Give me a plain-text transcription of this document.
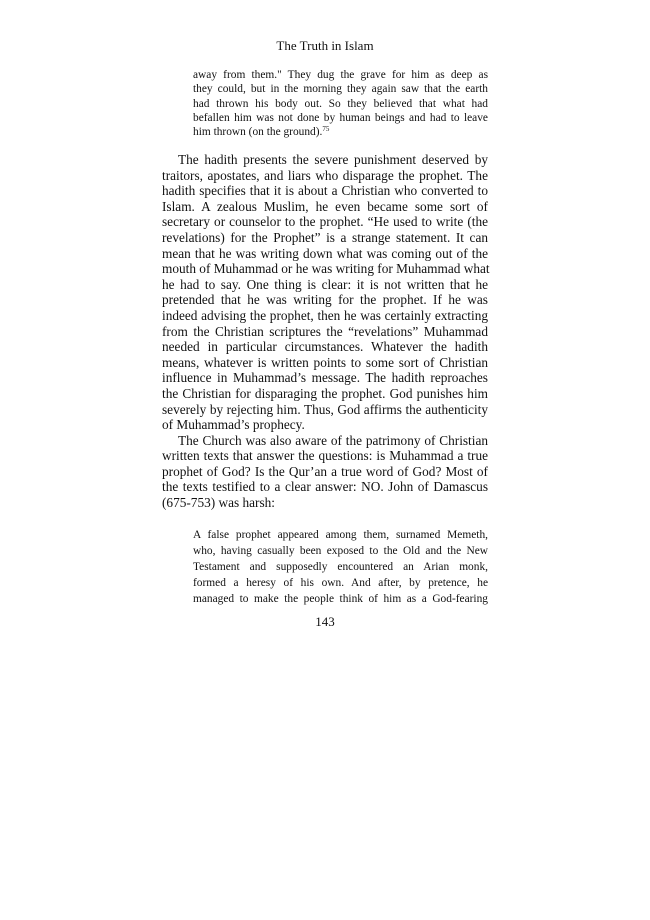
The Truth in Islam
away from them." They dug the grave for him as deep as
they could, but in the morning they again saw that the earth
had thrown his body out. So they believed that what had
befallen him was not done by human beings and had to leave
him thrown (on the ground).$^{75}$
The hadith presents the severe punishment deserved by
traitors, apostates, and liars who disparage the prophet. The
hadith specifies that it is about a Christian who converted to
Islam. A zealous Muslim, he even became some sort of
secretary or counselor to the prophet. “He used to write (the
revelations) for the Prophet” is a strange statement. It can
mean that he was writing down what was coming out of the
mouth of Muhammad or he was writing for Muhammad what
he had to say. One thing is clear: it is not written that he
pretended that he was writing for the prophet. If he was
indeed advising the prophet, then he was certainly extracting
from the Christian scriptures the “revelations” Muhammad
needed in particular circumstances. Whatever the hadith
means, whatever is written points to some sort of Christian
influence in Muhammad’s message. The hadith reproaches
the Christian for disparaging the prophet. God punishes him
severely by rejecting him. Thus, God affirms the authenticity
of Muhammad’s prophecy.
The Church was also aware of the patrimony of Christian
written texts that answer the questions: is Muhammad a true
prophet of God? Is the Qur’an a true word of God? Most of
the texts testified to a clear answer: NO. John of Damascus
(675-753) was harsh:
A false prophet appeared among them, surnamed Memeth,
who, having casually been exposed to the Old and the New
Testament and supposedly encountered an Arian monk,
formed a heresy of his own. And after, by pretence, he
managed to make the people think of him as a God-fearing
143
